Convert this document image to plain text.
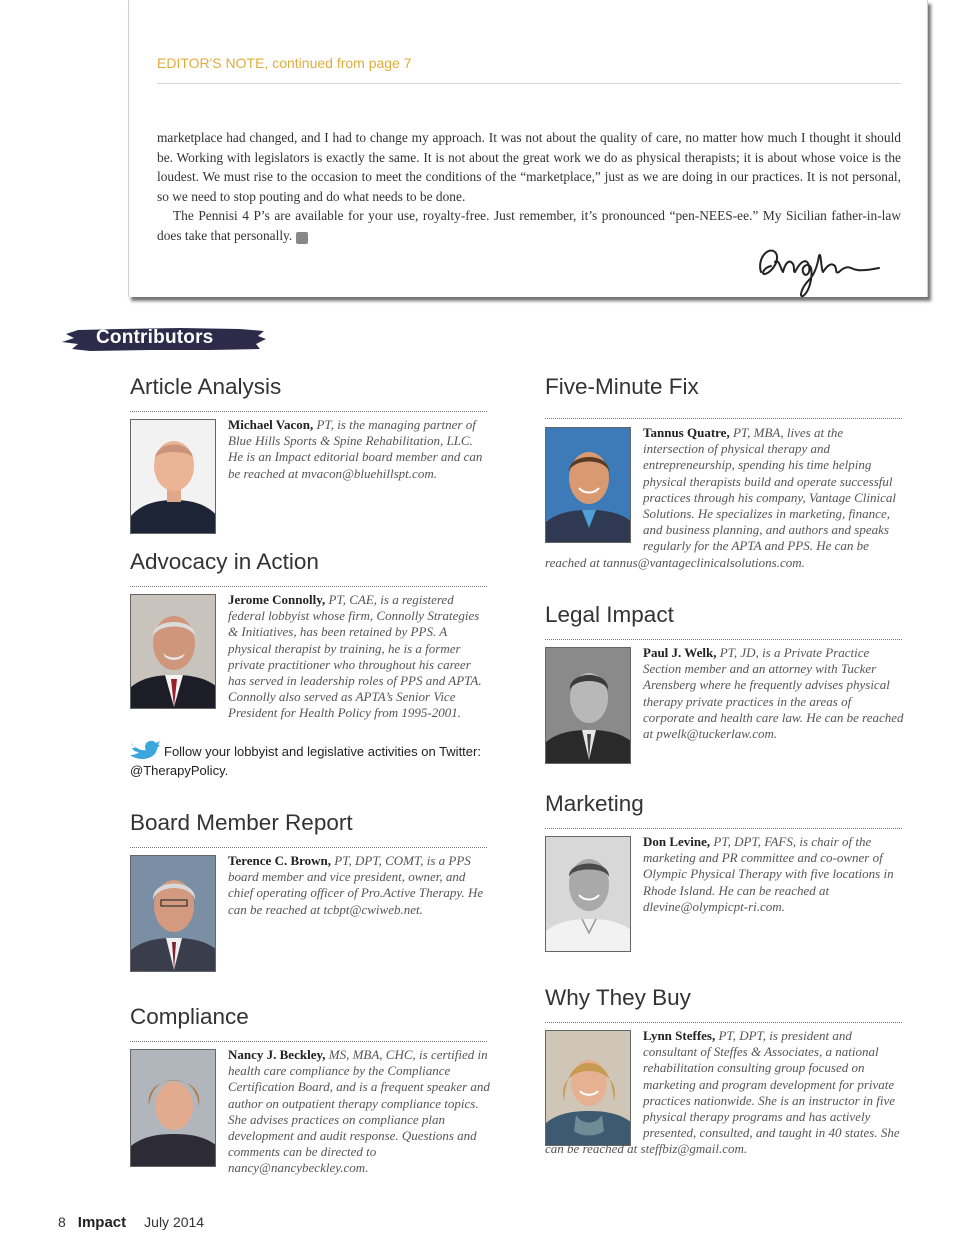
EDITOR'S NOTE, continued from page 7

marketplace had changed, and I had to change my approach. It was not about the quality of care, no matter how much I thought it should be. Working with legislators is exactly the same. It is not about the great work we do as physical therapists; it is about whose voice is the loudest. We must rise to the occasion to meet the conditions of the “marketplace,” just as we are doing in our practices. It is not personal, so we need to stop pouting and do what needs to be done.

The Pennisi 4 P’s are available for your use, royalty-free. Just remember, it’s pronounced “pen-NEES-ee.” My Sicilian father-in-law does take that personally. I

Contributors
Article Analysis
Michael Vacon, PT, is the managing partner of Blue Hills Sports & Spine Rehabilitation, LLC. He is an Impact editorial board member and can be reached at mvacon@bluehillspt.com.
Advocacy in Action
Jerome Connolly, PT, CAE, is a registered federal lobbyist whose firm, Connolly Strategies & Initiatives, has been retained by PPS. A physical therapist by training, he is a former private practitioner who throughout his career has served in leadership roles of PPS and APTA. Connolly also served as APTA’s Senior Vice President for Health Policy from 1995-2001.
Follow your lobbyist and legislative activities on Twitter: @TherapyPolicy.
Board Member Report
Terence C. Brown, PT, DPT, COMT, is a PPS board member and vice president, owner, and chief operating officer of Pro.Active Therapy. He can be reached at tcbpt@cwiweb.net.
Compliance
Nancy J. Beckley, MS, MBA, CHC, is certified in health care compliance by the Compliance Certification Board, and is a frequent speaker and author on outpatient therapy compliance topics. She advises practices on compliance plan development and audit response. Questions and comments can be directed to nancy@nancybeckley.com.
Five-Minute Fix
Tannus Quatre, PT, MBA, lives at the intersection of physical therapy and entrepreneurship, spending his time helping physical therapists build and operate successful practices through his company, Vantage Clinical Solutions. He specializes in marketing, finance, and business planning, and authors and speaks regularly for the APTA and PPS. He can be reached at tannus@vantageclinicalsolutions.com.
Legal Impact
Paul J. Welk, PT, JD, is a Private Practice Section member and an attorney with Tucker Arensberg where he frequently advises physical therapy private practices in the areas of corporate and health care law. He can be reached at pwelk@tuckerlaw.com.
Marketing
Don Levine, PT, DPT, FAFS, is chair of the marketing and PR committee and co-owner of Olympic Physical Therapy with five locations in Rhode Island. He can be reached at dlevine@olympicpt-ri.com.
Why They Buy
Lynn Steffes, PT, DPT, is president and consultant of Steffes & Associates, a national rehabilitation consulting group focused on marketing and program development for private practices nationwide. She is an instructor in five physical therapy programs and has actively presented, consulted, and taught in 40 states. She can be reached at steffbiz@gmail.com.
8 Impact July 2014
